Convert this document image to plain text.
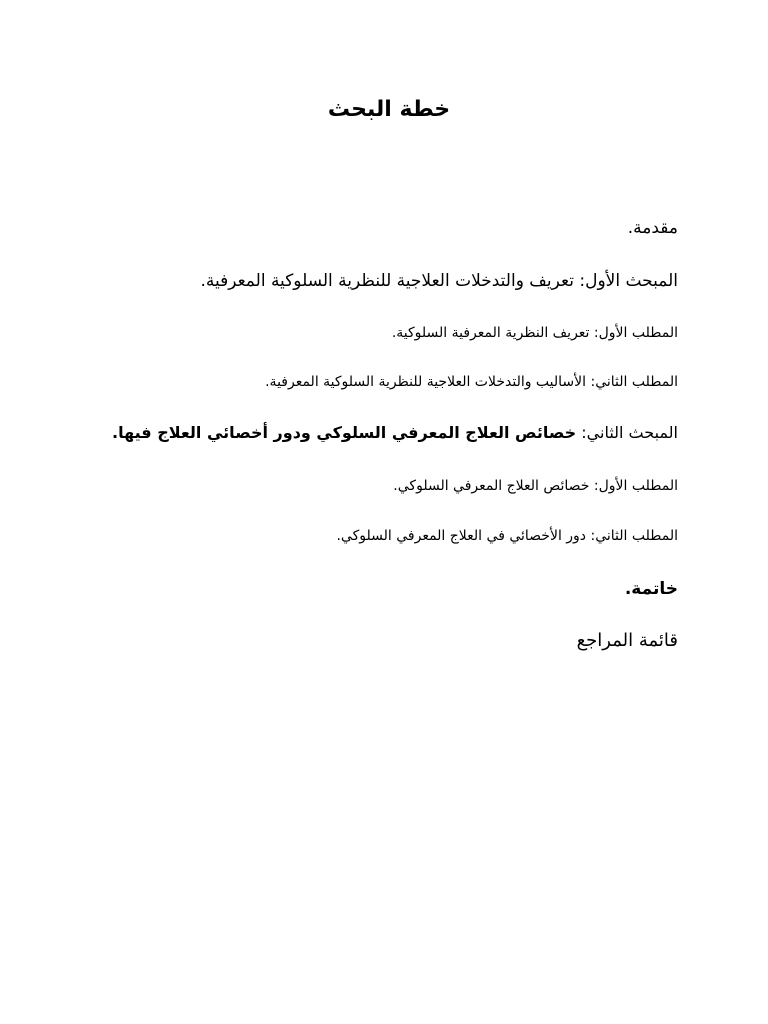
خطة البحث
مقدمة.
المبحث الأول: تعريف والتدخلات العلاجية للنظرية السلوكية المعرفية.
المطلب الأول: تعريف النظرية المعرفية السلوكية.
المطلب الثاني: الأساليب والتدخلات العلاجية للنظرية السلوكية المعرفية.
المبحث الثاني: خصائص العلاج المعرفي السلوكي ودور أخصائي العلاج فيها.
المطلب الأول: خصائص العلاج المعرفي السلوكي.
المطلب الثاني: دور الأخصائي في العلاج المعرفي السلوكي.
خاتمة.
قائمة المراجع
